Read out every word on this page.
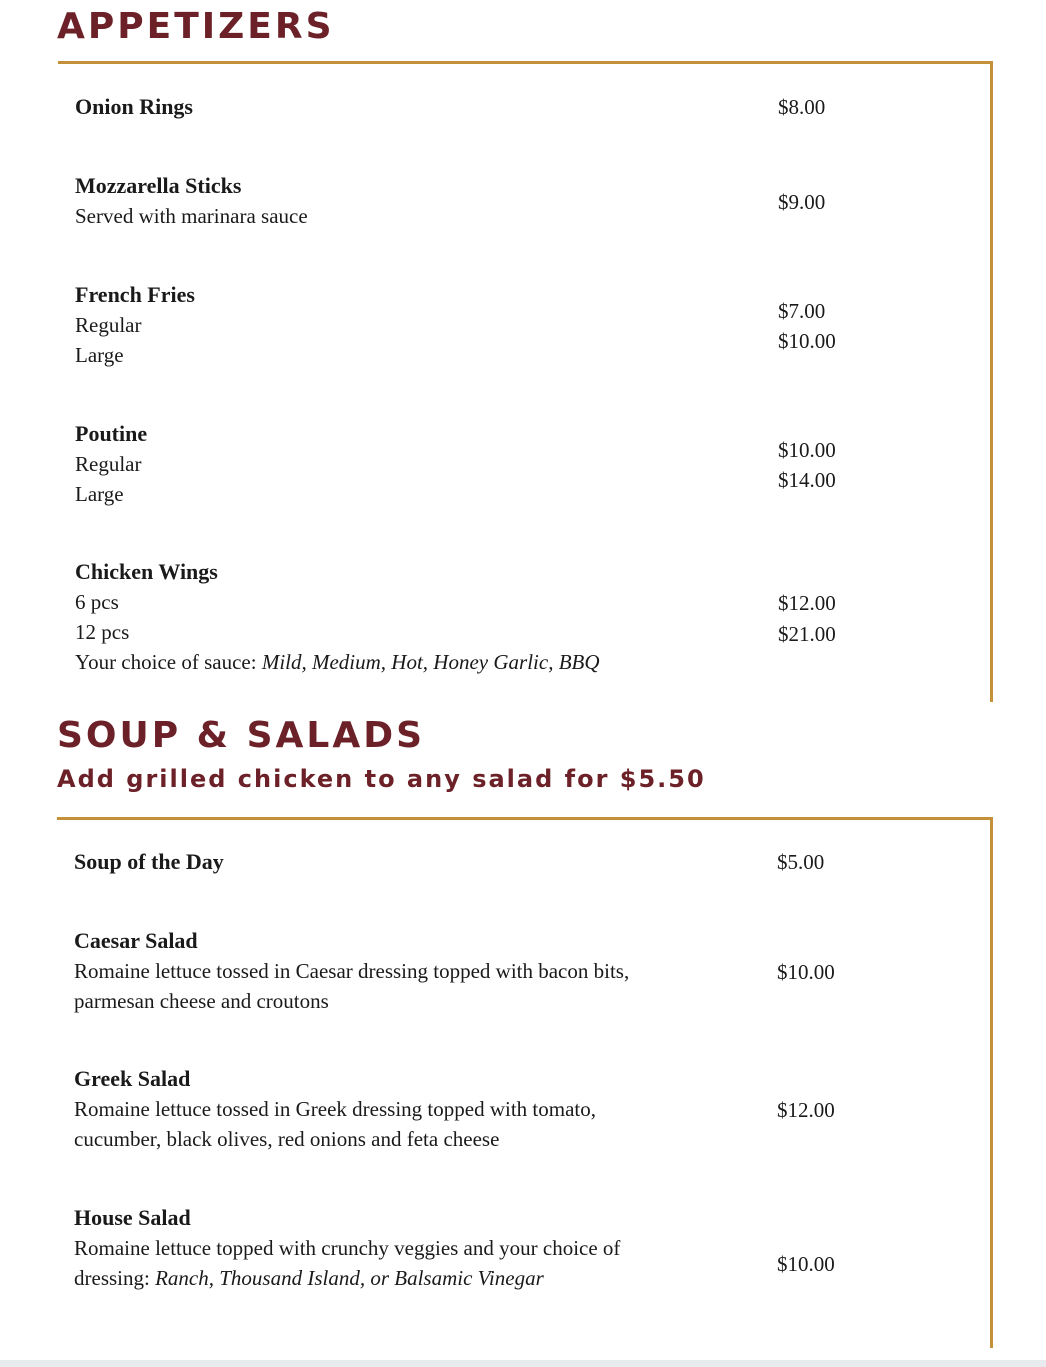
APPETIZERS
Onion Rings	$8.00
Mozzarella Sticks
Served with marinara sauce
$9.00
French Fries
Regular
Large
$7.00
$10.00
Poutine
Regular
Large
$10.00
$14.00
Chicken Wings
6 pcs
12 pcs
Your choice of sauce: Mild, Medium, Hot, Honey Garlic, BBQ
$12.00
$21.00
SOUP & SALADS
Add grilled chicken to any salad for $5.50
Soup of the Day	$5.00
Caesar Salad
Romaine lettuce tossed in Caesar dressing topped with bacon bits,
parmesan cheese and croutons
$10.00
Greek Salad
Romaine lettuce tossed in Greek dressing topped with tomato,
cucumber, black olives, red onions and feta cheese
$12.00
House Salad
Romaine lettuce topped with crunchy veggies and your choice of
dressing: Ranch, Thousand Island, or Balsamic Vinegar
$10.00
